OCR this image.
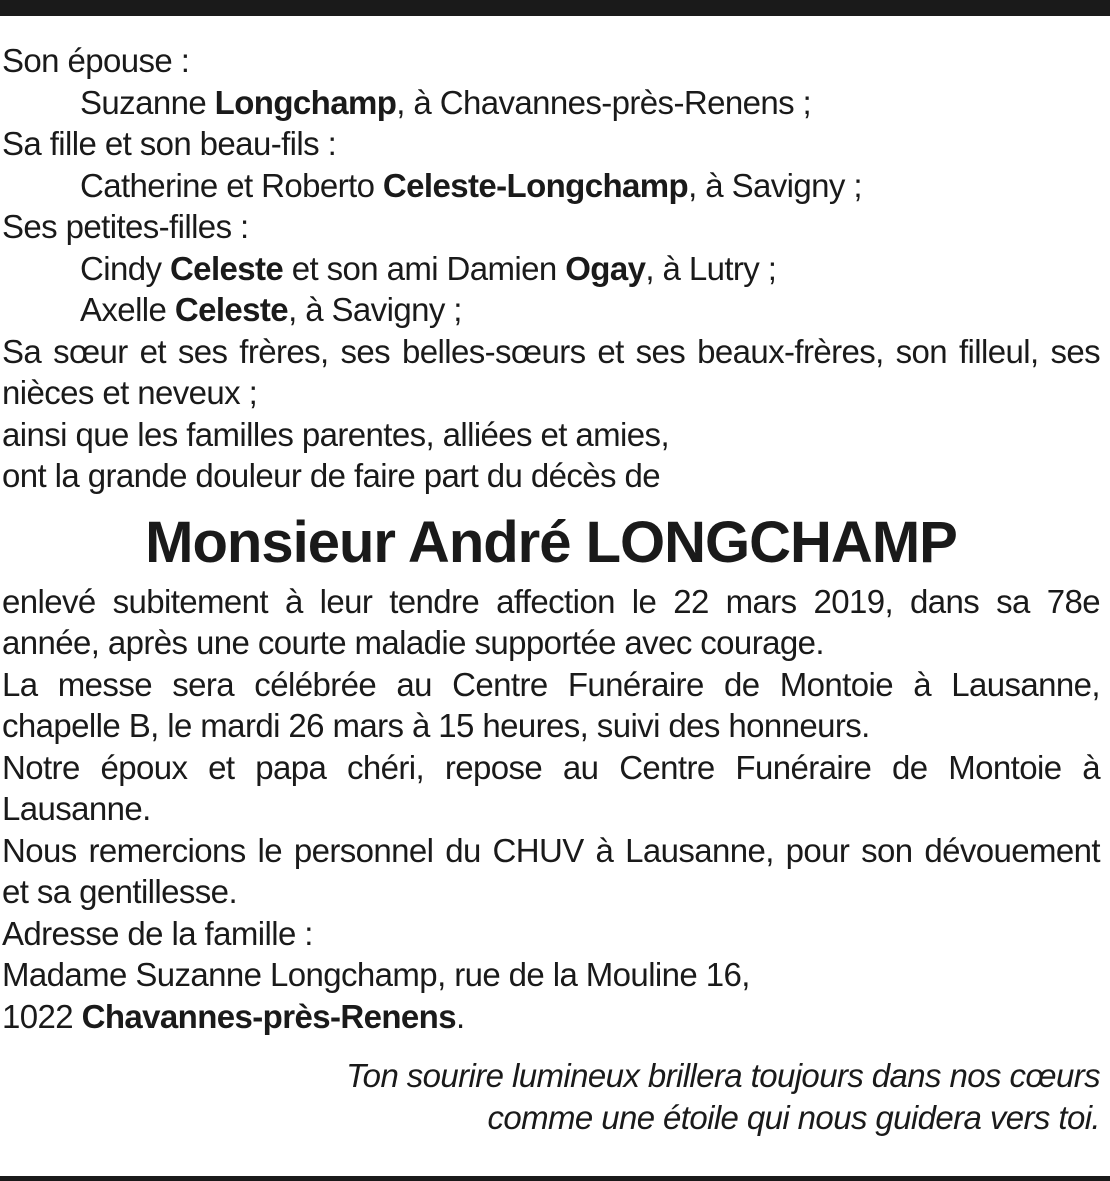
Son épouse :
Suzanne Longchamp, à Chavannes-près-Renens ;
Sa fille et son beau-fils :
Catherine et Roberto Celeste-Longchamp, à Savigny ;
Ses petites-filles :
Cindy Celeste et son ami Damien Ogay, à Lutry ;
Axelle Celeste, à Savigny ;
Sa sœur et ses frères, ses belles-sœurs et ses beaux-frères, son filleul, ses nièces et neveux ;
ainsi que les familles parentes, alliées et amies,
ont la grande douleur de faire part du décès de
Monsieur André LONGCHAMP
enlevé subitement à leur tendre affection le 22 mars 2019, dans sa 78e année, après une courte maladie supportée avec courage.
La messe sera célébrée au Centre Funéraire de Montoie à Lausanne, chapelle B, le mardi 26 mars à 15 heures, suivi des honneurs.
Notre époux et papa chéri, repose au Centre Funéraire de Montoie à Lausanne.
Nous remercions le personnel du CHUV à Lausanne, pour son dévouement et sa gentillesse.
Adresse de la famille :
Madame Suzanne Longchamp, rue de la Mouline 16,
1022 Chavannes-près-Renens.
Ton sourire lumineux brillera toujours dans nos cœurs
comme une étoile qui nous guidera vers toi.
